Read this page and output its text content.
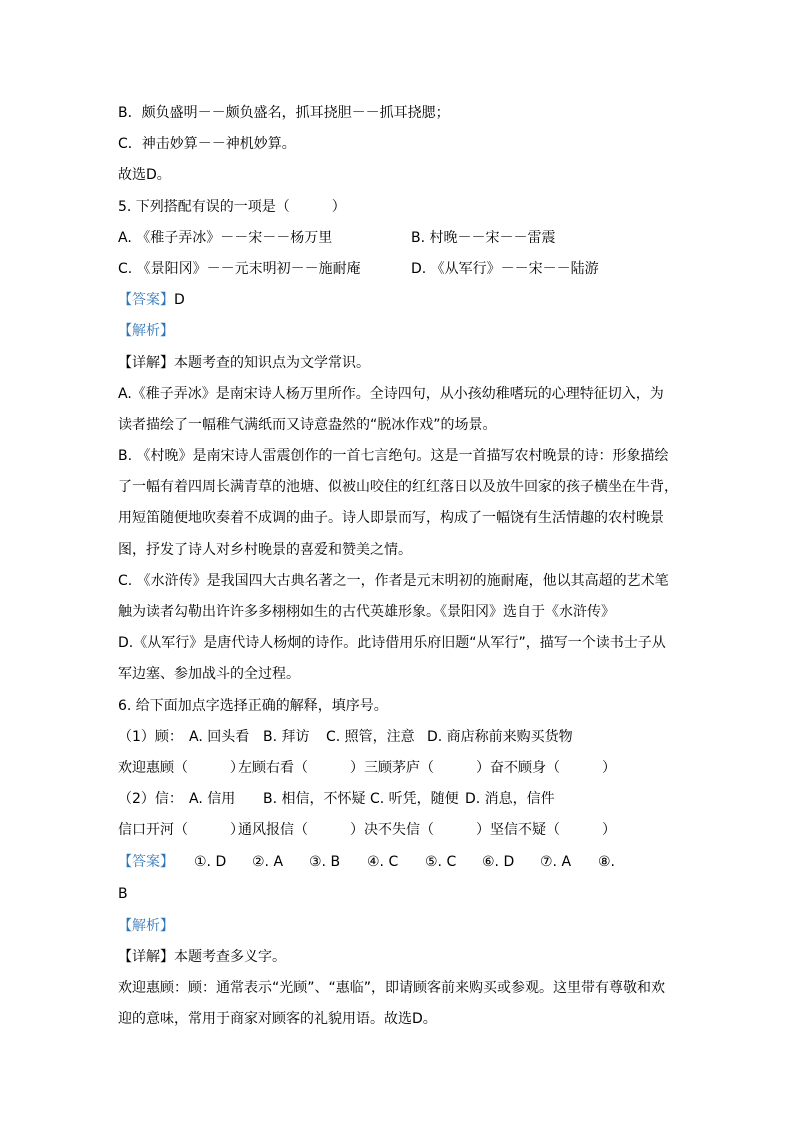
B．颇负盛明－－颇负盛名，抓耳挠胆－－抓耳挠腮；
C．神击妙算－－神机妙算。
故选D。
5. 下列搭配有误的一项是（　　　）
A. 《稚子弄冰》－－宋－－杨万里	B. 村晚－－宋－－雷震
C. 《景阳冈》－－元末明初－－施耐庵	D. 《从军行》－－宋－－陆游
【答案】D
【解析】
【详解】本题考查的知识点为文学常识。
A.《稚子弄冰》是南宋诗人杨万里所作。全诗四句，从小孩幼稚嗜玩的心理特征切入，为
读者描绘了一幅稚气满纸而又诗意盎然的“脱冰作戏”的场景。
B. 《村晚》是南宋诗人雷震创作的一首七言绝句。这是一首描写农村晚景的诗：形象描绘
了一幅有着四周长满青草的池塘、似被山咬住的红红落日以及放牛回家的孩子横坐在牛背，
用短笛随便地吹奏着不成调的曲子。诗人即景而写，构成了一幅饶有生活情趣的农村晚景
图，抒发了诗人对乡村晚景的喜爱和赞美之情。
C. 《水浒传》是我国四大古典名著之一，作者是元末明初的施耐庵，他以其高超的艺术笔
触为读者勾勒出许许多多栩栩如生的古代英雄形象。《景阳冈》选自于《水浒传》
D.《从军行》是唐代诗人杨炯的诗作。此诗借用乐府旧题“从军行”，描写一个读书士子从
军边塞、参加战斗的全过程。
6. 给下面加点字选择正确的解释，填序号。
（1）顾： A. 回头看 B. 拜访 C. 照管，注意 D. 商店称前来购买货物
欢迎惠顾（　　　）
左顾右看（　　　） 三顾茅庐（　　　） 奋不顾身（　　　）
（2）信： A. 信用 B. 相信，不怀疑 C. 听凭，随便 D. 消息，信件
信口开河（　　　）
通风报信（　　　） 决不失信（　　　） 坚信不疑（　　　）
【答案】 ①. D ②. A ③. B ④. C ⑤. C ⑥. D ⑦. A ⑧.
B
【解析】
【详解】本题考查多义字。
欢迎惠顾：顾：通常表示“光顾”、“惠临”，即请顾客前来购买或参观。这里带有尊敬和欢
迎的意味，常用于商家对顾客的礼貌用语。故选D。
